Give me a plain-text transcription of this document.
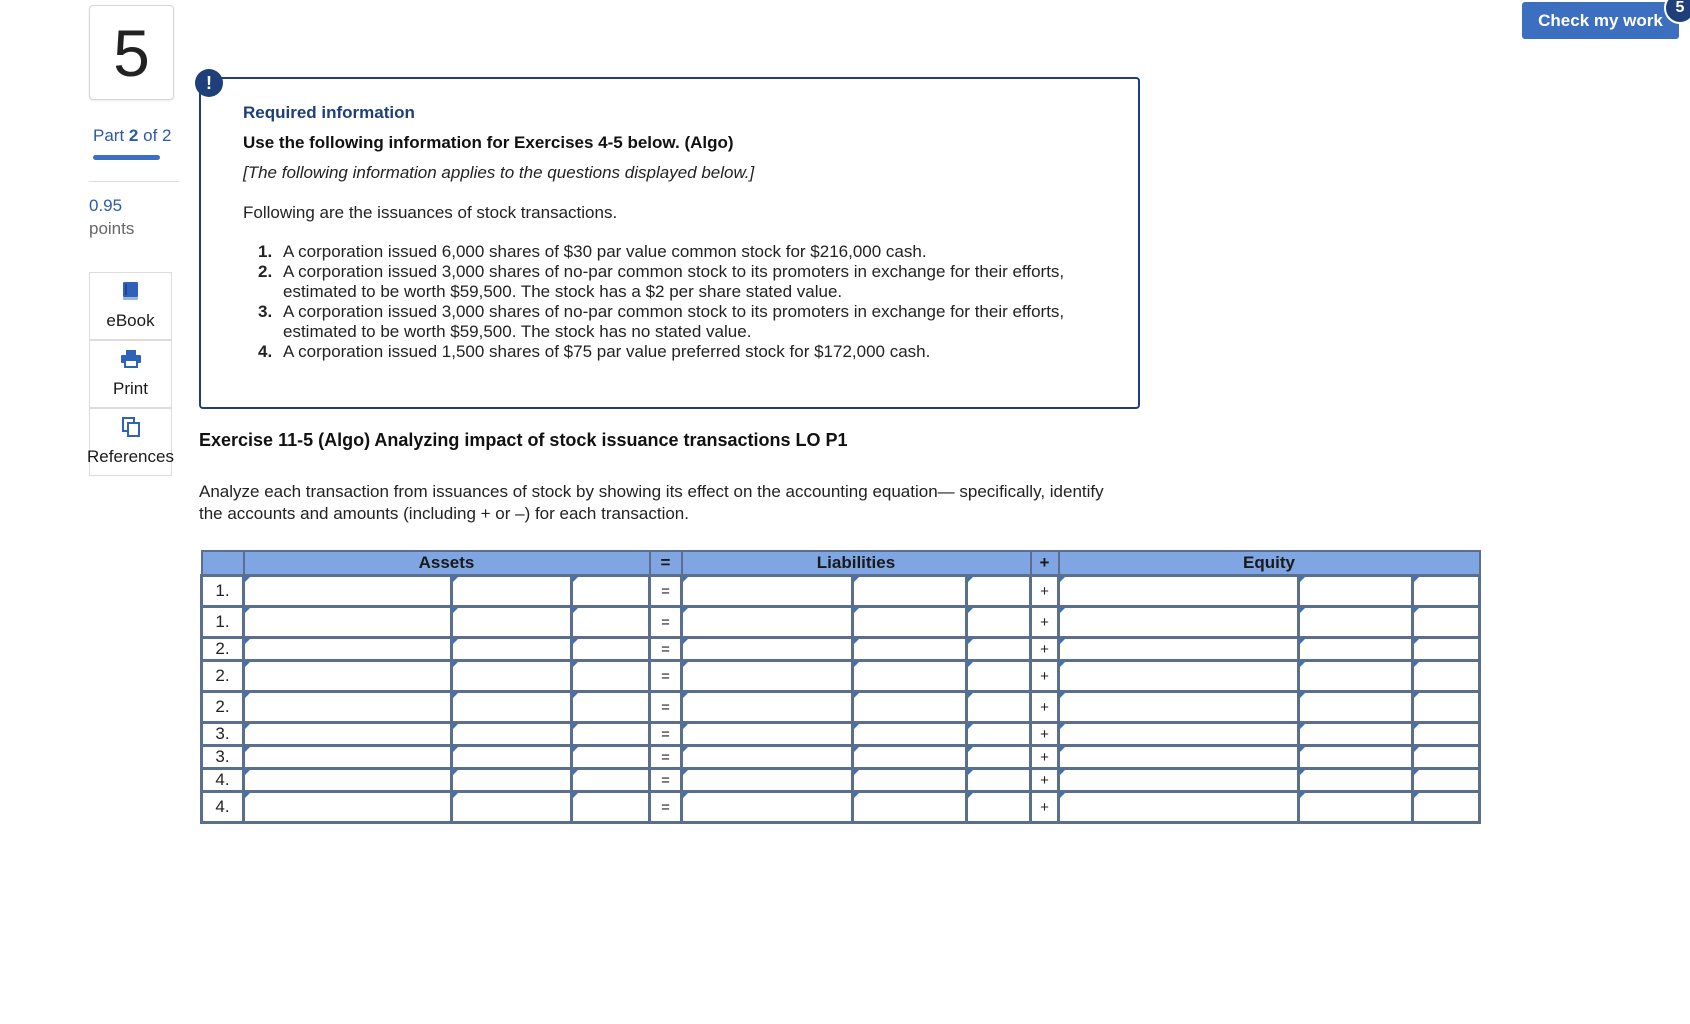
5
Part 2 of 2
0.95
points
eBook
Print
References
Check my work
5
!
Required information
Use the following information for Exercises 4-5 below. (Algo)
[The following information applies to the questions displayed below.]
Following are the issuances of stock transactions.
1. A corporation issued 6,000 shares of $30 par value common stock for $216,000 cash.
2. A corporation issued 3,000 shares of no-par common stock to its promoters in exchange for their efforts, estimated to be worth $59,500. The stock has a $2 per share stated value.
3. A corporation issued 3,000 shares of no-par common stock to its promoters in exchange for their efforts, estimated to be worth $59,500. The stock has no stated value.
4. A corporation issued 1,500 shares of $75 par value preferred stock for $172,000 cash.
Exercise 11-5 (Algo) Analyzing impact of stock issuance transactions LO P1
Analyze each transaction from issuances of stock by showing its effect on the accounting equation— specifically, identify the accounts and amounts (including + or –) for each transaction.
	Assets			=	Liabilities			+	Equity		
1.				=				+			
1.				=				+			
2.				=				+			
2.				=				+			
2.				=				+			
3.				=				+			
3.				=				+			
4.				=				+			
4.				=				+			
